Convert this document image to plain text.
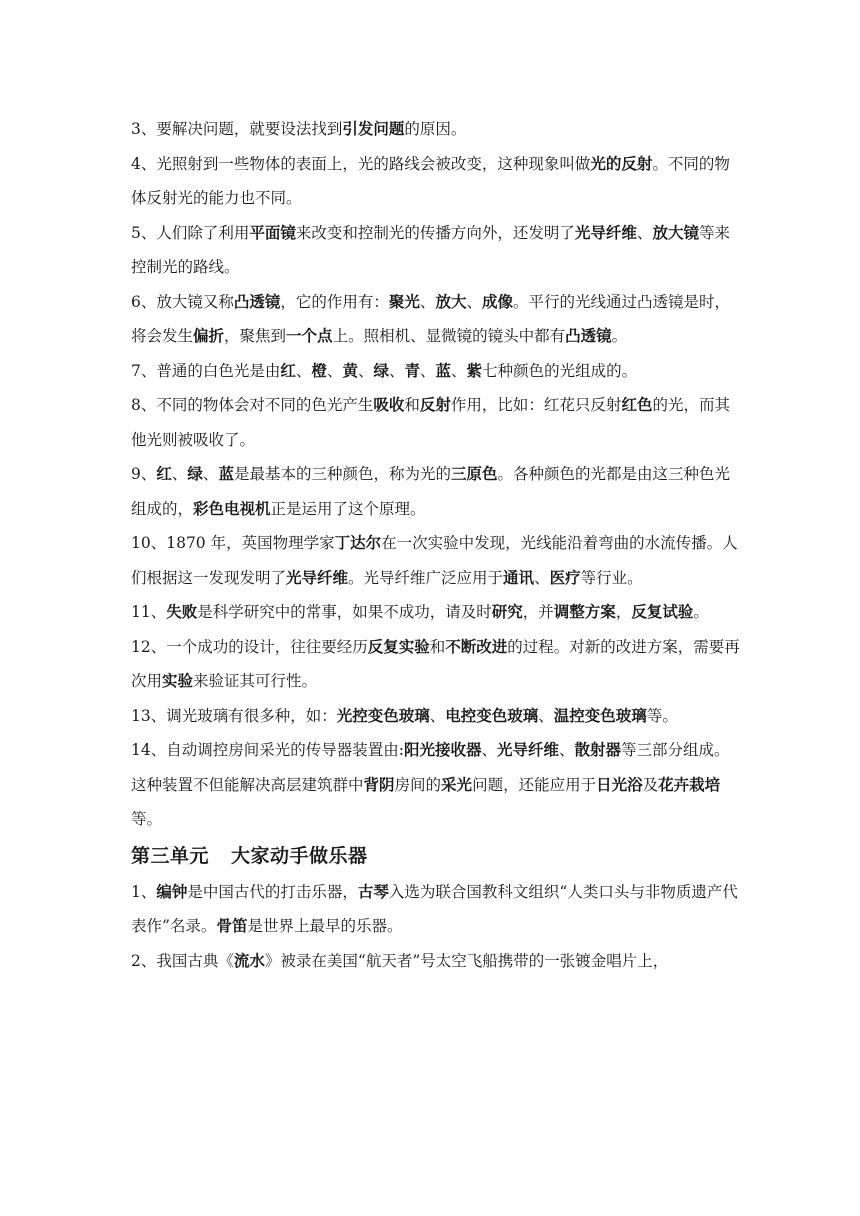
3、要解决问题，就要设法找到引发问题的原因。

4、光照射到一些物体的表面上，光的路线会被改变，这种现象叫做光的反射。不同的物体反射光的能力也不同。

5、人们除了利用平面镜来改变和控制光的传播方向外，还发明了光导纤维、放大镜等来控制光的路线。

6、放大镜又称凸透镜，它的作用有：聚光、放大、成像。平行的光线通过凸透镜是时，将会发生偏折，聚焦到一个点上。照相机、显微镜的镜头中都有凸透镜。

7、普通的白色光是由红、橙、黄、绿、青、蓝、紫七种颜色的光组成的。

8、不同的物体会对不同的色光产生吸收和反射作用，比如：红花只反射红色的光，而其他光则被吸收了。

9、红、绿、蓝是最基本的三种颜色，称为光的三原色。各种颜色的光都是由这三种色光组成的，彩色电视机正是运用了这个原理。

10、1870 年，英国物理学家丁达尔在一次实验中发现，光线能沿着弯曲的水流传播。人们根据这一发现发明了光导纤维。光导纤维广泛应用于通讯、医疗等行业。

11、失败是科学研究中的常事，如果不成功，请及时研究，并调整方案，反复试验。

12、一个成功的设计，往往要经历反复实验和不断改进的过程。对新的改进方案，需要再次用实验来验证其可行性。

13、调光玻璃有很多种，如：光控变色玻璃、电控变色玻璃、温控变色玻璃等。

14、自动调控房间采光的传导器装置由:阳光接收器、光导纤维、散射器等三部分组成。这种装置不但能解决高层建筑群中背阴房间的采光问题，还能应用于日光浴及花卉栽培等。

第三单元 大家动手做乐器

1、编钟是中国古代的打击乐器，古琴入选为联合国教科文组织“人类口头与非物质遗产代表作”名录。骨笛是世界上最早的乐器。

2、我国古典《流水》被录在美国“航天者”号太空飞船携带的一张镀金唱片上，
